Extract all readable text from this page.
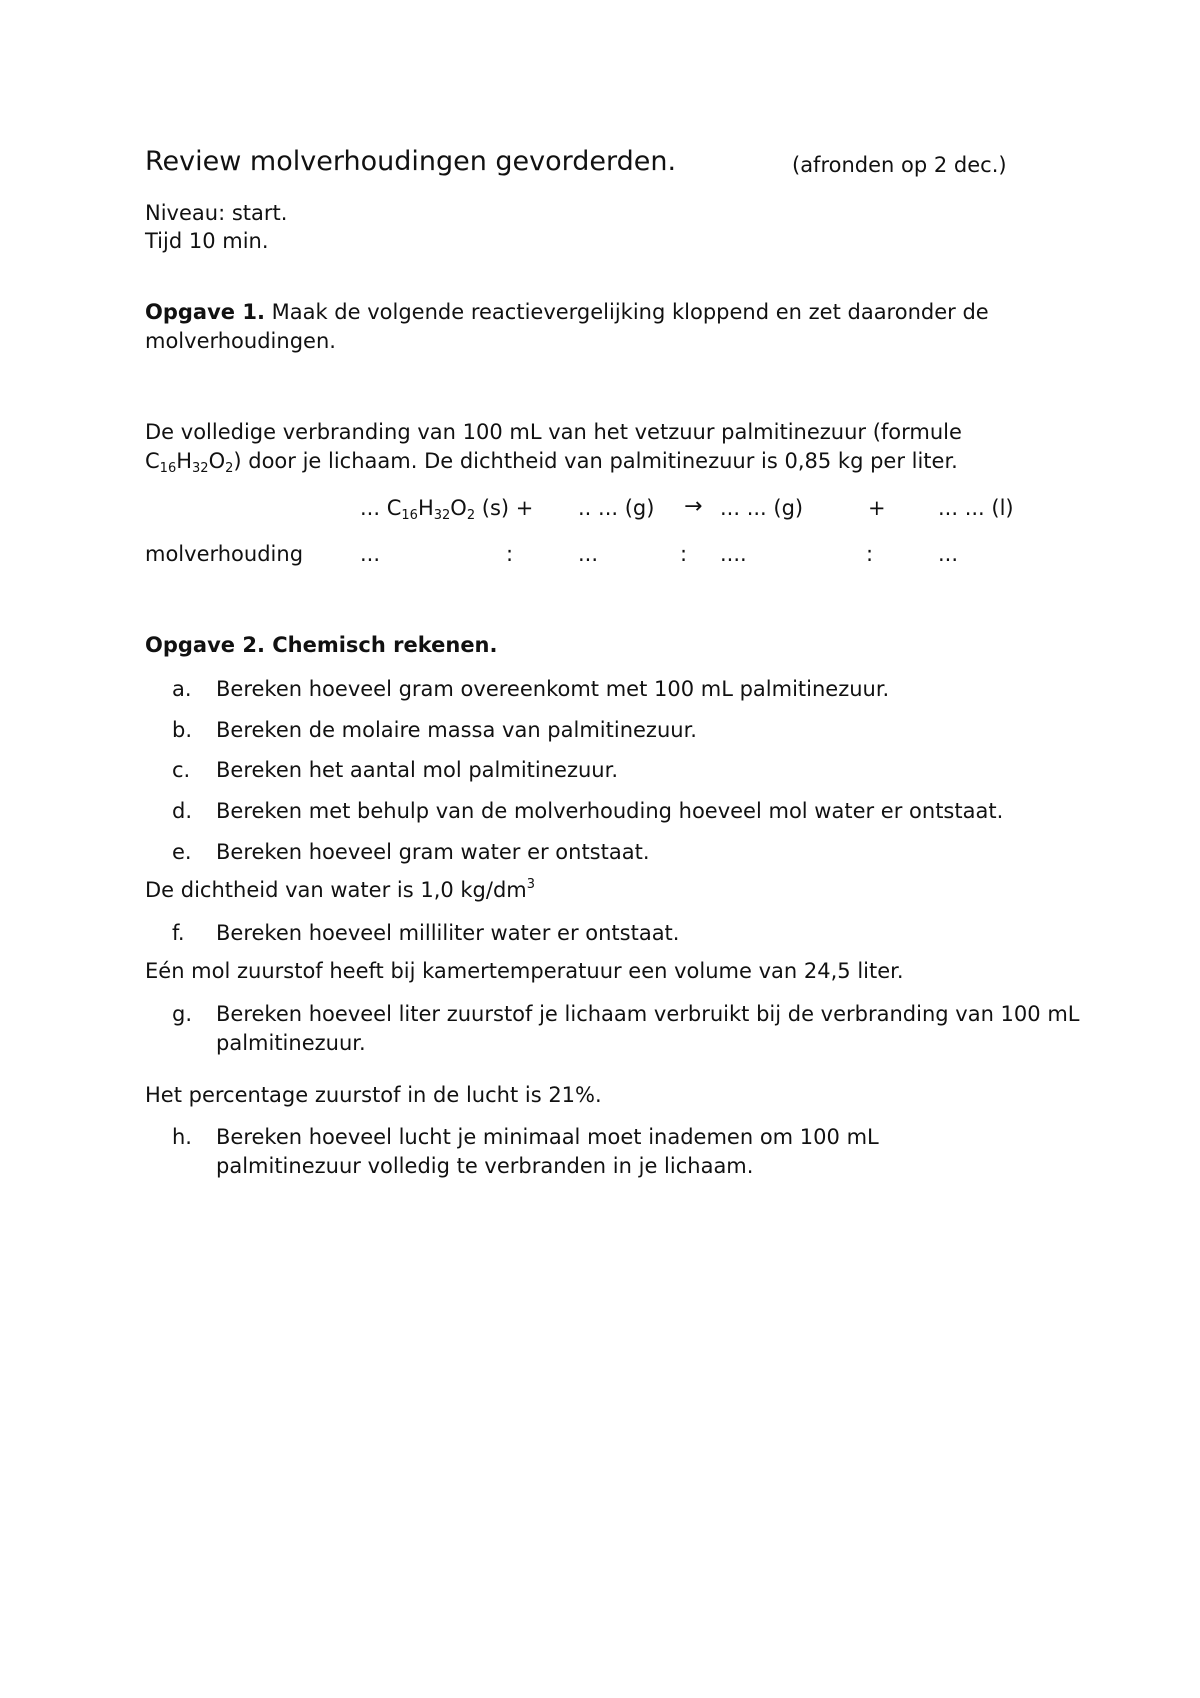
Review molverhoudingen gevorderden.	(afronden op 2 dec.)
Niveau: start.
Tijd 10 min.
Opgave 1. Maak de volgende reactievergelijking kloppend en zet daaronder de molverhoudingen.
De volledige verbranding van 100 mL van het vetzuur palmitinezuur (formule
$C_{16}H_{32}O_2$) door je lichaam. De dichtheid van palmitinezuur is 0,85 kg per liter.
... $C_{16}H_{32}O_2$ (s) + .. ... (g) → ... ... (g)	+ ... ... (l)
molverhouding	...	:	...	: ....	:	...
Opgave 2. Chemisch rekenen.
a. Bereken hoeveel gram overeenkomt met 100 mL palmitinezuur.
b. Bereken de molaire massa van palmitinezuur.
c. Bereken het aantal mol palmitinezuur.
d. Bereken met behulp van de molverhouding hoeveel mol water er ontstaat.
e. Bereken hoeveel gram water er ontstaat.
De dichtheid van water is 1,0 $kg/dm^3$
f. Bereken hoeveel milliliter water er ontstaat.
Eén mol zuurstof heeft bij kamertemperatuur een volume van 24,5 liter.
g. Bereken hoeveel liter zuurstof je lichaam verbruikt bij de verbranding van 100 mL palmitinezuur.
Het percentage zuurstof in de lucht is 21%.
h. Bereken hoeveel lucht je minimaal moet inademen om 100 mL palmitinezuur volledig te verbranden in je lichaam.
